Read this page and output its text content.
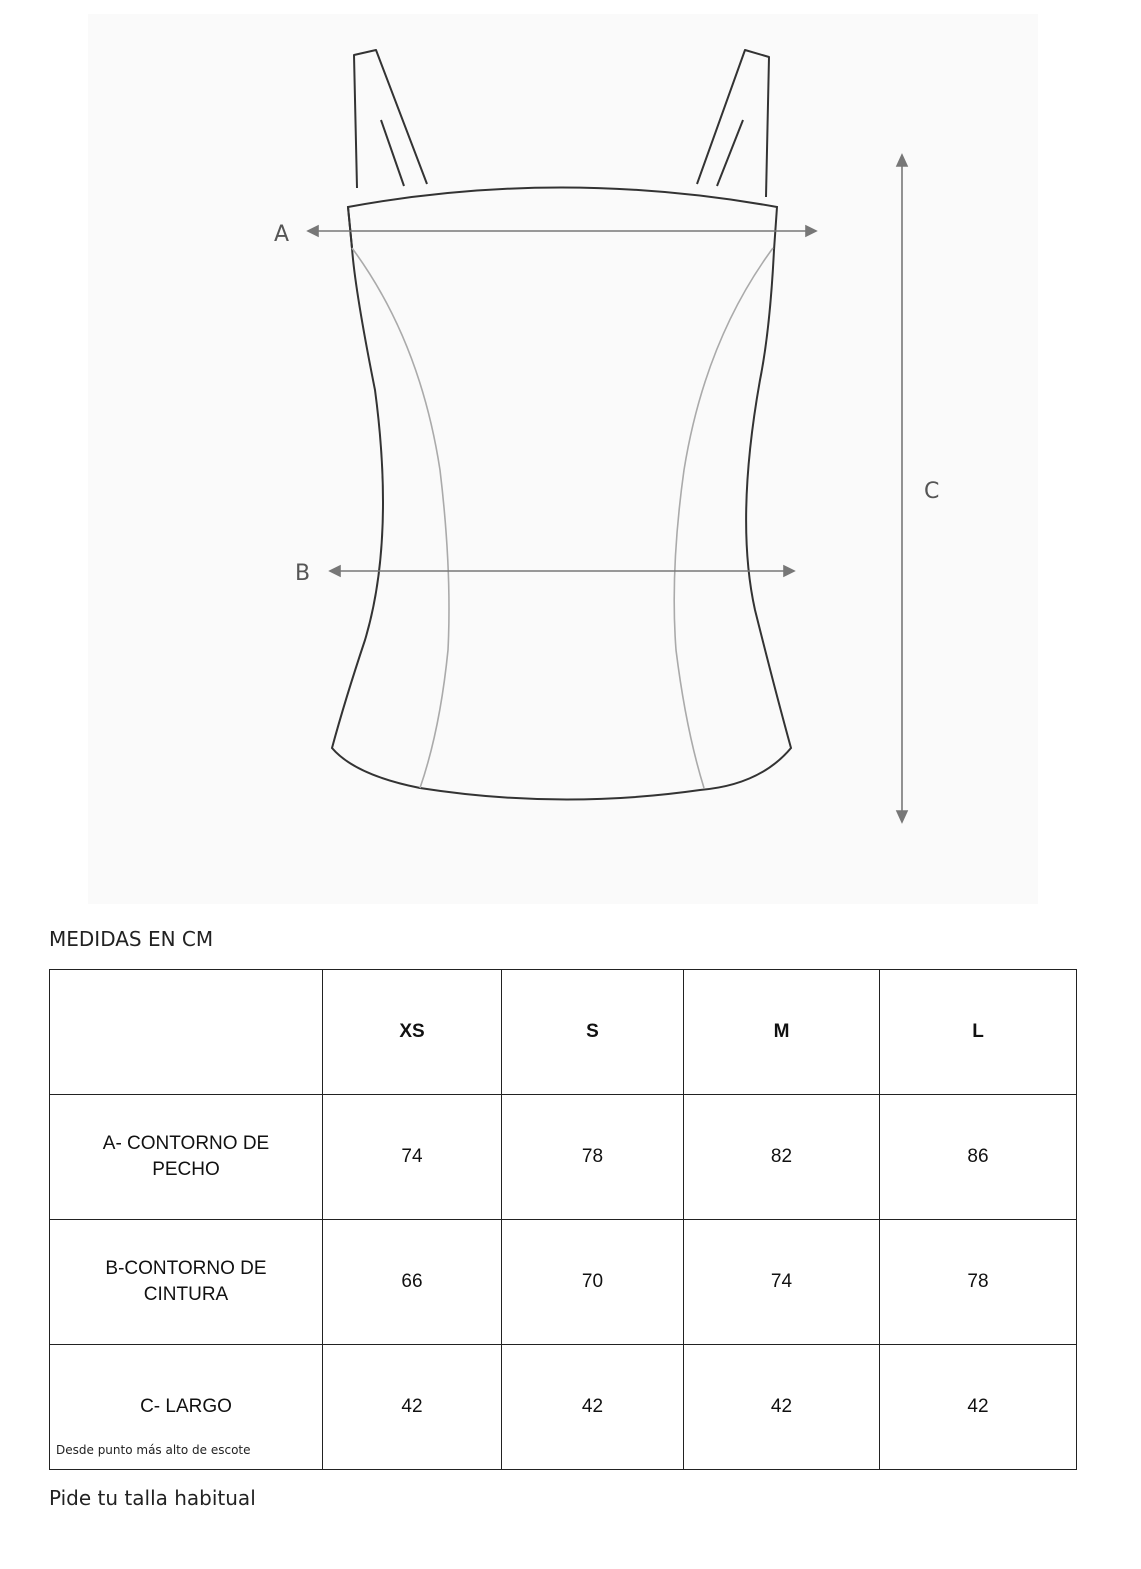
A
B
C
MEDIDAS EN CM
	XS	S	M	L
A- CONTORNO DE PECHO	74	78	82	86
B-CONTORNO DE CINTURA	66	70	74	78
C- LARGO
Desde punto más alto de escote	42	42	42	42
Pide tu talla habitual
